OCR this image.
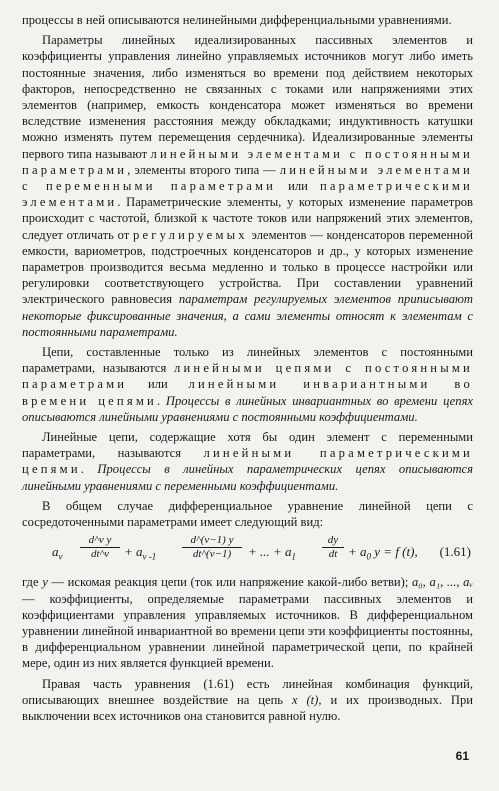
процессы в ней описываются нелинейными дифференциальными уравнениями.

Параметры линейных идеализированных пассивных элементов и коэффициенты управления линейно управляемых источников могут либо иметь постоянные значения, либо изменяться во времени под действием некоторых факторов, непосредственно не связанных с токами или напряжениями этих элементов (например, емкость конденсатора может изменяться во времени вследствие изменения расстояния между обкладками; индуктивность катушки можно изменять путем перемещения сердечника). Идеализированные элементы первого типа называют линейными элементами с постоянными параметрами, элементы второго типа — линейными элементами с переменными параметрами или параметрическими элементами. Параметрические элементы, у которых изменение параметров происходит с частотой, близкой к частоте токов или напряжений этих элементов, следует отличать от регулируемых элементов — конденсаторов переменной емкости, вариометров, подстроечных конденсаторов и др., у которых изменение параметров производится весьма медленно и только в процессе настройки или регулировки соответствующего устройства. При составлении уравнений электрического равновесия параметрам регулируемых элементов приписывают некоторые фиксированные значения, а сами элементы относят к элементам с постоянными параметрами.

Цепи, составленные только из линейных элементов с постоянными параметрами, называются линейными цепями с постоянными параметрами или линейными инвариантными во времени цепями. Процессы в линейных инвариантных во времени цепях описываются линейными уравнениями с постоянными коэффициентами.

Линейные цепи, содержащие хотя бы один элемент с переменными параметрами, называются линейными параметрическими цепями. Процессы в линейных параметрических цепях описываются линейными уравнениями с переменными коэффициентами.

В общем случае дифференциальное уравнение линейной цепи с сосредоточенными параметрами имеет следующий вид:

$a_\nu \frac{\text{d\textasciicircum{}ν y}}{dt\^{}\nu} + a_{\nu -1} \frac{d\^{}(\nu-1) y}{dt\^{}(\nu-1)}$ + ... + $a_1 \frac{dy}{dt} + a_0$ y = f (t), (1.61)

где y — искомая реакция цепи (ток или напряжение какой-либо ветви); a₀, a₁, ..., aᵥ — коэффициенты, определяемые параметрами пассивных элементов и коэффициентами управления управляемых источников. В дифференциальном уравнении линейной инвариантной во времени цепи эти коэффициенты постоянны, в дифференциальном уравнении линейной параметрической цепи, по крайней мере, один из них является функцией времени.

Правая часть уравнения (1.61) есть линейная комбинация функций, описывающих внешнее воздействие на цепь x (t), и их производных. При выключении всех источников она становится равной нулю.

61
